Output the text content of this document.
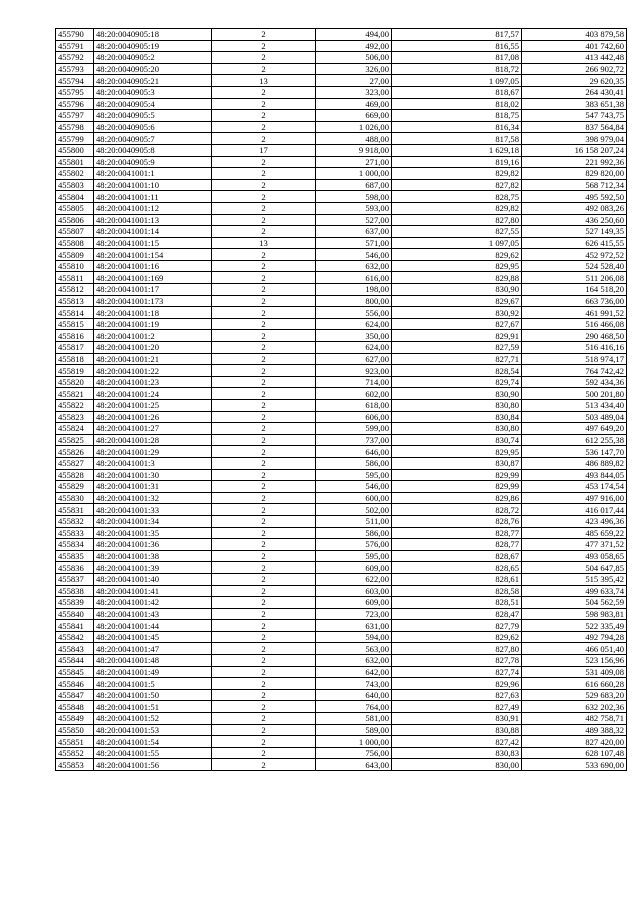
455790	48:20:0040905:18	2	494,00	817,57	403 879,58
455791	48:20:0040905:19	2	492,00	816,55	401 742,60
455792	48:20:0040905:2	2	506,00	817,08	413 442,48
455793	48:20:0040905:20	2	326,00	818,72	266 902,72
455794	48:20:0040905:21	13	27,00	1 097,05	29 620,35
455795	48:20:0040905:3	2	323,00	818,67	264 430,41
455796	48:20:0040905:4	2	469,00	818,02	383 651,38
455797	48:20:0040905:5	2	669,00	818,75	547 743,75
455798	48:20:0040905:6	2	1 026,00	816,34	837 564,84
455799	48:20:0040905:7	2	488,00	817,58	398 979,04
455800	48:20:0040905:8	17	9 918,00	1 629,18	16 158 207,24
455801	48:20:0040905:9	2	271,00	819,16	221 992,36
455802	48:20:0041001:1	2	1 000,00	829,82	829 820,00
455803	48:20:0041001:10	2	687,00	827,82	568 712,34
455804	48:20:0041001:11	2	598,00	828,75	495 592,50
455805	48:20:0041001:12	2	593,00	829,82	492 083,26
455806	48:20:0041001:13	2	527,00	827,80	436 250,60
455807	48:20:0041001:14	2	637,00	827,55	527 149,35
455808	48:20:0041001:15	13	571,00	1 097,05	626 415,55
455809	48:20:0041001:154	2	546,00	829,62	452 972,52
455810	48:20:0041001:16	2	632,00	829,95	524 528,40
455811	48:20:0041001:169	2	616,00	829,88	511 206,08
455812	48:20:0041001:17	2	198,00	830,90	164 518,20
455813	48:20:0041001:173	2	800,00	829,67	663 736,00
455814	48:20:0041001:18	2	556,00	830,92	461 991,52
455815	48:20:0041001:19	2	624,00	827,67	516 466,08
455816	48:20:0041001:2	2	350,00	829,91	290 468,50
455817	48:20:0041001:20	2	624,00	827,59	516 416,16
455818	48:20:0041001:21	2	627,00	827,71	518 974,17
455819	48:20:0041001:22	2	923,00	828,54	764 742,42
455820	48:20:0041001:23	2	714,00	829,74	592 434,36
455821	48:20:0041001:24	2	602,00	830,90	500 201,80
455822	48:20:0041001:25	2	618,00	830,80	513 434,40
455823	48:20:0041001:26	2	606,00	830,84	503 489,04
455824	48:20:0041001:27	2	599,00	830,80	497 649,20
455825	48:20:0041001:28	2	737,00	830,74	612 255,38
455826	48:20:0041001:29	2	646,00	829,95	536 147,70
455827	48:20:0041001:3	2	586,00	830,87	486 889,82
455828	48:20:0041001:30	2	595,00	829,99	493 844,05
455829	48:20:0041001:31	2	546,00	829,99	453 174,54
455830	48:20:0041001:32	2	600,00	829,86	497 916,00
455831	48:20:0041001:33	2	502,00	828,72	416 017,44
455832	48:20:0041001:34	2	511,00	828,76	423 496,36
455833	48:20:0041001:35	2	586,00	828,77	485 659,22
455834	48:20:0041001:36	2	576,00	828,77	477 371,52
455835	48:20:0041001:38	2	595,00	828,67	493 058,65
455836	48:20:0041001:39	2	609,00	828,65	504 647,85
455837	48:20:0041001:40	2	622,00	828,61	515 395,42
455838	48:20:0041001:41	2	603,00	828,58	499 633,74
455839	48:20:0041001:42	2	609,00	828,51	504 562,59
455840	48:20:0041001:43	2	723,00	828,47	598 983,81
455841	48:20:0041001:44	2	631,00	827,79	522 335,49
455842	48:20:0041001:45	2	594,00	829,62	492 794,28
455843	48:20:0041001:47	2	563,00	827,80	466 051,40
455844	48:20:0041001:48	2	632,00	827,78	523 156,96
455845	48:20:0041001:49	2	642,00	827,74	531 409,08
455846	48:20:0041001:5	2	743,00	829,96	616 660,28
455847	48:20:0041001:50	2	640,00	827,63	529 683,20
455848	48:20:0041001:51	2	764,00	827,49	632 202,36
455849	48:20:0041001:52	2	581,00	830,91	482 758,71
455850	48:20:0041001:53	2	589,00	830,88	489 388,32
455851	48:20:0041001:54	2	1 000,00	827,42	827 420,00
455852	48:20:0041001:55	2	756,00	830,83	628 107,48
455853	48:20:0041001:56	2	643,00	830,00	533 690,00
